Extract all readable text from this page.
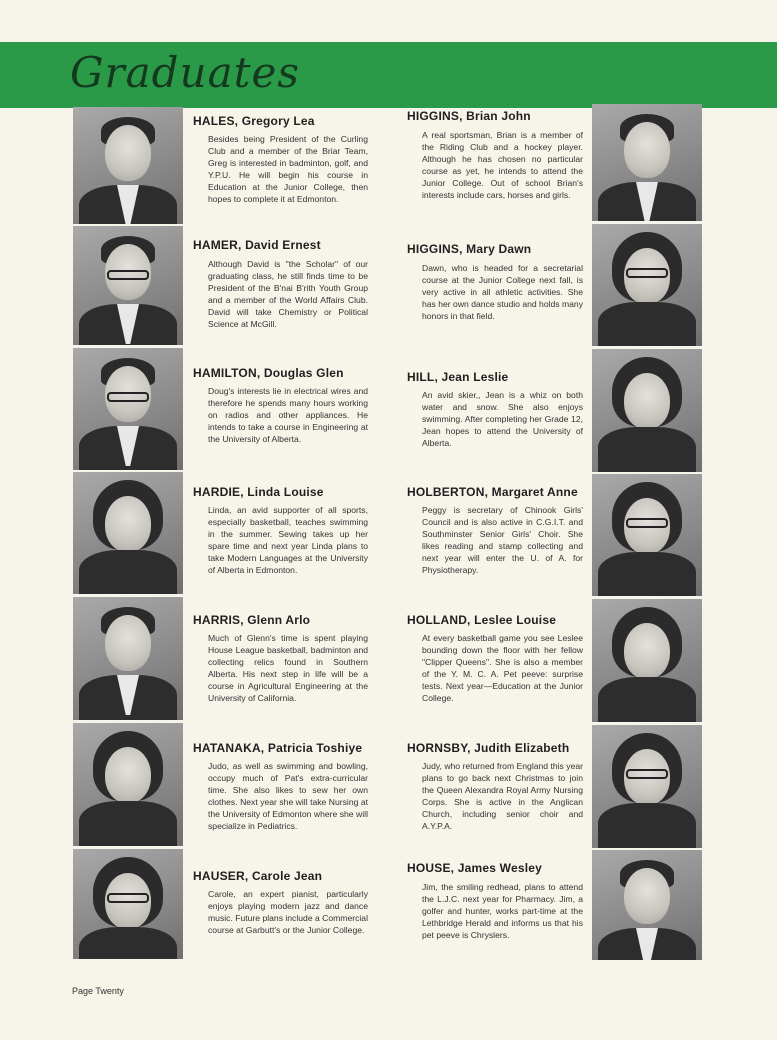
Graduates
HALES, Gregory Lea
Besides being President of the Curling Club and a member of the Briar Team, Greg is interested in badminton, golf, and Y.P.U. He will begin his course in Education at the Junior College, then hopes to complete it at Edmonton.
HAMER, David Ernest
Although David is "the Scholar" of our graduating class, he still finds time to be President of the B'nai B'rith Youth Group and a member of the World Affairs Club. David will take Chemistry or Political Science at McGill.
HAMILTON, Douglas Glen
Doug's interests lie in electrical wires and therefore he spends many hours working on radios and other appliances. He intends to take a course in Engineering at the University of Alberta.
HARDIE, Linda Louise
Linda, an avid supporter of all sports, especially basketball, teaches swimming in the summer. Sewing takes up her spare time and next year Linda plans to take Modern Languages at the University of Alberta in Edmonton.
HARRIS, Glenn Arlo
Much of Glenn's time is spent playing House League basketball, badminton and collecting relics found in Southern Alberta. His next step in life will be a course in Agricultural Engineering at the University of California.
HATANAKA, Patricia Toshiye
Judo, as well as swimming and bowling, occupy much of Pat's extra-curricular time. She also likes to sew her own clothes. Next year she will take Nursing at the University of Edmonton where she will specialize in Pediatrics.
HAUSER, Carole Jean
Carole, an expert pianist, particularly enjoys playing modern jazz and dance music. Future plans include a Commercial course at Garbutt's or the Junior College.
HIGGINS, Brian John
A real sportsman, Brian is a member of the Riding Club and a hockey player. Although he has chosen no particular course as yet, he intends to attend the Junior College. Out of school Brian's interests include cars, horses and girls.
HIGGINS, Mary Dawn
Dawn, who is headed for a secretarial course at the Junior College next fall, is very active in all athletic activities. She has her own dance studio and holds many honors in that field.
HILL, Jean Leslie
An avid skier,, Jean is a whiz on both water and snow. She also enjoys swimming. After completing her Grade 12, Jean hopes to attend the University of Alberta.
HOLBERTON, Margaret Anne
Peggy is secretary of Chinook Girls' Council and is also active in C.G.I.T. and Southminster Senior Girls' Choir. She likes reading and stamp collecting and next year will enter the U. of A. for Physiotherapy.
HOLLAND, Leslee Louise
At every basketball game you see Leslee bounding down the floor with her fellow "Clipper Queens". She is also a member of the Y. M. C. A. Pet peeve: surprise tests. Next year—Education at the Junior College.
HORNSBY, Judith Elizabeth
Judy, who returned from England this year plans to go back next Christmas to join the Queen Alexandra Royal Army Nursing Corps. She is active in the Anglican Church, including senior choir and A.Y.P.A.
HOUSE, James Wesley
Jim, the smiling redhead, plans to attend the L.J.C. next year for Pharmacy. Jim, a golfer and hunter, works part-time at the Lethbridge Herald and informs us that his pet peeve is Chryslers.
Page Twenty
